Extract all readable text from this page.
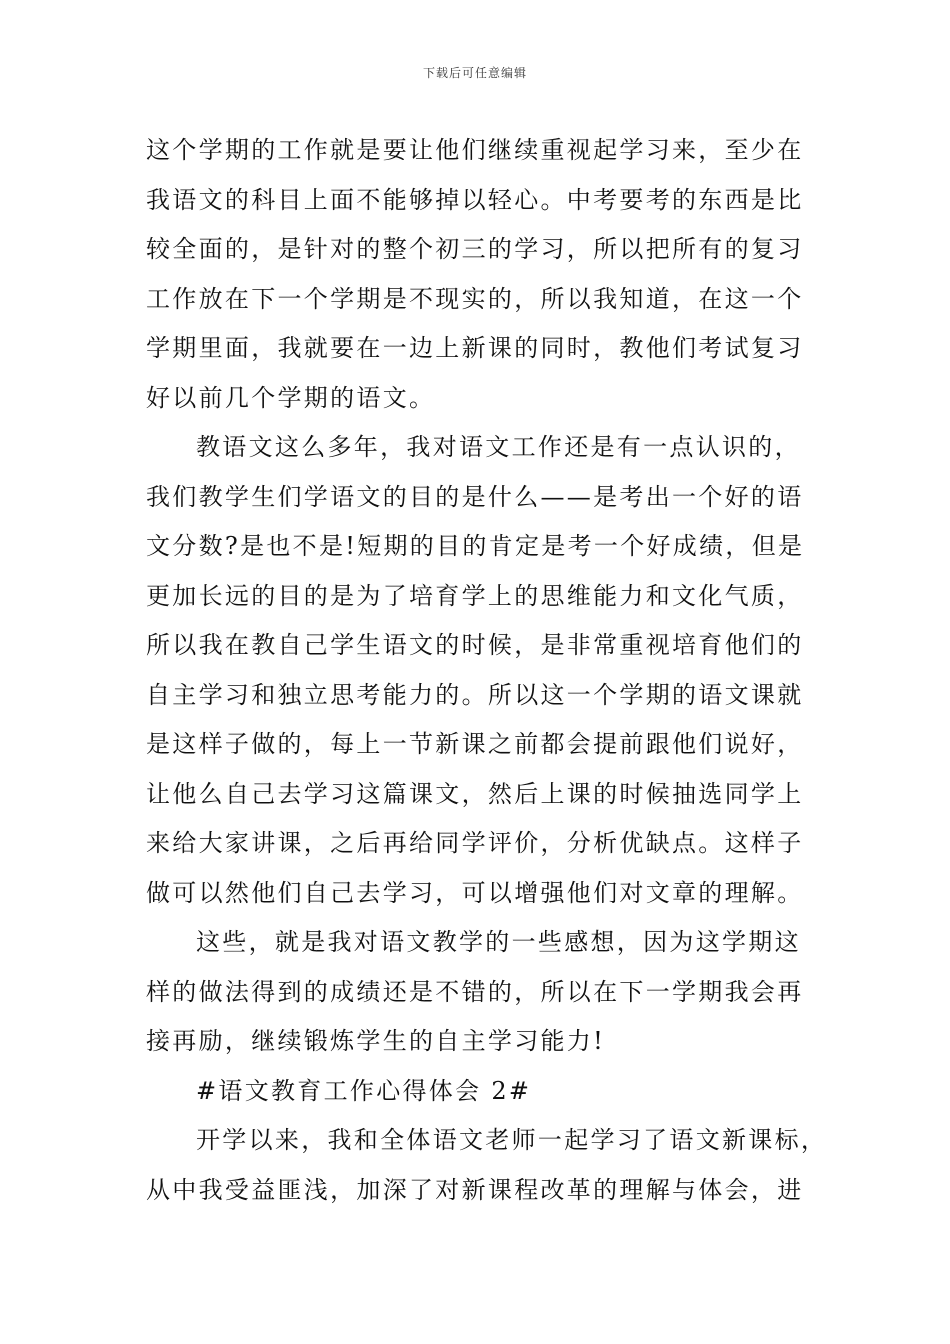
下载后可任意编辑
这个学期的工作就是要让他们继续重视起学习来，至少在
我语文的科目上面不能够掉以轻心。中考要考的东西是比
较全面的，是针对的整个初三的学习，所以把所有的复习
工作放在下一个学期是不现实的，所以我知道，在这一个
学期里面，我就要在一边上新课的同时，教他们考试复习
好以前几个学期的语文。
教语文这么多年，我对语文工作还是有一点认识的，
我们教学生们学语文的目的是什么——是考出一个好的语
文分数?是也不是!短期的目的肯定是考一个好成绩，但是
更加长远的目的是为了培育学上的思维能力和文化气质，
所以我在教自己学生语文的时候，是非常重视培育他们的
自主学习和独立思考能力的。所以这一个学期的语文课就
是这样子做的，每上一节新课之前都会提前跟他们说好，
让他么自己去学习这篇课文，然后上课的时候抽选同学上
来给大家讲课，之后再给同学评价，分析优缺点。这样子
做可以然他们自己去学习，可以增强他们对文章的理解。
这些，就是我对语文教学的一些感想，因为这学期这
样的做法得到的成绩还是不错的，所以在下一学期我会再
接再励，继续锻炼学生的自主学习能力!
#语文教育工作心得体会 2#
开学以来，我和全体语文老师一起学习了语文新课标，
从中我受益匪浅，加深了对新课程改革的理解与体会，进
